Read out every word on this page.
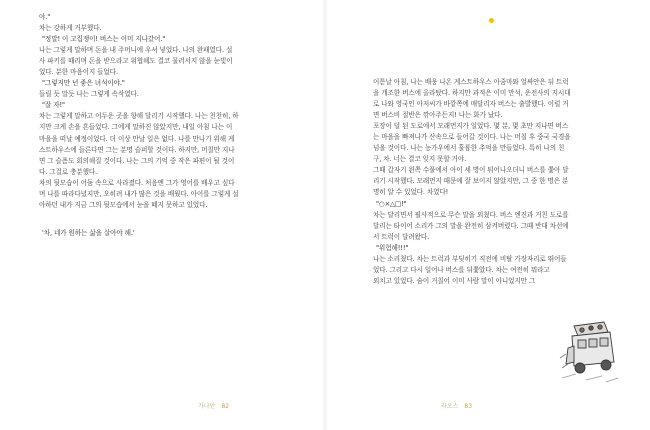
야."
차는 강하게 거부했다.
"정말! 이 고집쟁이! 버스는 이미 지나갔어."
나는 그렇게 말하며 돈을 내 주머니에 우셔 넣었다. 나의 완패였다. 설
사 파키를 때리며 돈을 받으라고 위협해도 결코 물러서지 않을 눈빛이
었다. 분한 마음이지 들었다.
"그렇지만 넌 좋은 녀석이야."
들릴 듯 말듯 나는 그렇게 속삭였다.
"잘 자!"
차는 그렇게 말하고 어두운 곳을 향해 달리기 시작했다. 나는 천천히, 하
지만 크게 손을 흔들었다. 그에게 말하진 않았지만, 내일 아침 나는 이
마을을 떠날 예정이었다. 더 이상 만날 일은 없다. 나를 만나기 위해 게
스트하우스에 들른다면 그는 분명 슬퍼할 것이다. 하지만, 머칠만 지나
면 그 슬픔도 회의해질 것이다. 나는 그의 기억 중 작은 파편이 될 것이
다. 그걸로 충분했다.
차의 뒷모습이 어둠 속으로 사라졌다. 처음엔 그가 영어를 배우고 싶다
며 나를 따라다녔지만, 오히려 내가 많은 것을 배웠다. 아이를 그렇게 설
아하던 내가 지금 그의 뒷모습에서 눈을 떼지 못하고 있었다.
'차, 네가 원하는 삶을 살아야 해.'
가나안 82
이튿날 아침, 나는 배웅 나온 게스트하우스 아줌마와 얼싸안은 뒤 트럭
을 개조한 버스에 올라탔다. 하지만 과적은 이미 만석, 운전사의 지시대
로 나와 영국인 아저씨가 바깥쪽에 매달리자 버스는 출발했다. 이럴 거
면 버스비 절반은 깎아주든지! 나는 화가 났다.
포장이 덜 된 도로에서 모래먼지가 일었다. 몇 분, 몇 초만 지나면 버스
는 마을을 빠져나가 산속으로 들어갈 것이다. 나는 머칠 후 중국 국경을
넘을 것이다. 나는 농가우에서 훌륭한 추억을 만들었다. 특히 나의 친
구, 차. 너는 결코 잊지 못할 거야.
그때 갑자기 왼쪽 수풀에서 아이 세 명이 튀어나오더니 버스를 쫓아 달
리기 시작했다. 모래먼지 때문에 잘 보이지 않았지만, 그 중 한 명은 분
명히 알 수 있었다. 차였다!
"○×△□!"
차는 달리면서 필사적으로 무슨 말을 외쳤다. 버스 엔진과 거친 도로를
달리는 타이어 소리가 그의 말을 완전히 삼켜버렸다. 그때 반대 차선에
서 트럭이 달려왔다.
"위험해!!!"
나는 소리쳤다. 차는 트럭과 부딪히기 직전에 비탈 가장자리로 뛰어들
었다. 그리고 다시 일어나 버스를 뒤쫓았다. 차는 여전히 뭐라고
외치고 있었다. 숨이 거칠어 이미 사람 말이 아니었지만 그
라오스 83
